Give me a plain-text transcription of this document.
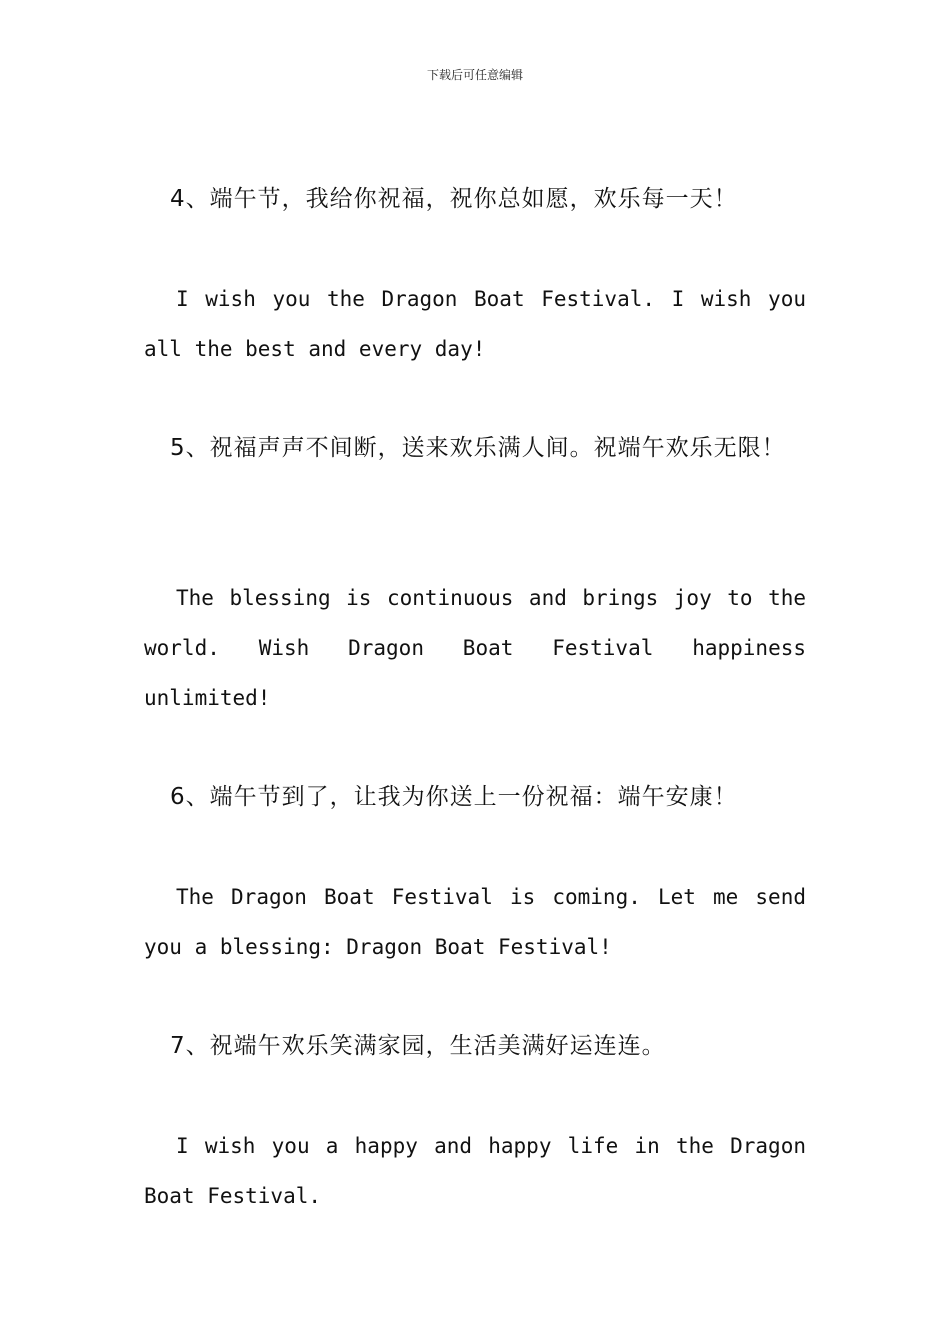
下载后可任意编辑
4、端午节，我给你祝福，祝你总如愿，欢乐每一天！
I wish you the Dragon Boat Festival. I wish you all the best and every day!
5、祝福声声不间断，送来欢乐满人间。祝端午欢乐无限！
The blessing is continuous and brings joy to the world. Wish Dragon Boat Festival happiness unlimited!
6、端午节到了，让我为你送上一份祝福：端午安康！
The Dragon Boat Festival is coming. Let me send you a blessing: Dragon Boat Festival!
7、祝端午欢乐笑满家园，生活美满好运连连。
I wish you a happy and happy life in the Dragon Boat Festival.
